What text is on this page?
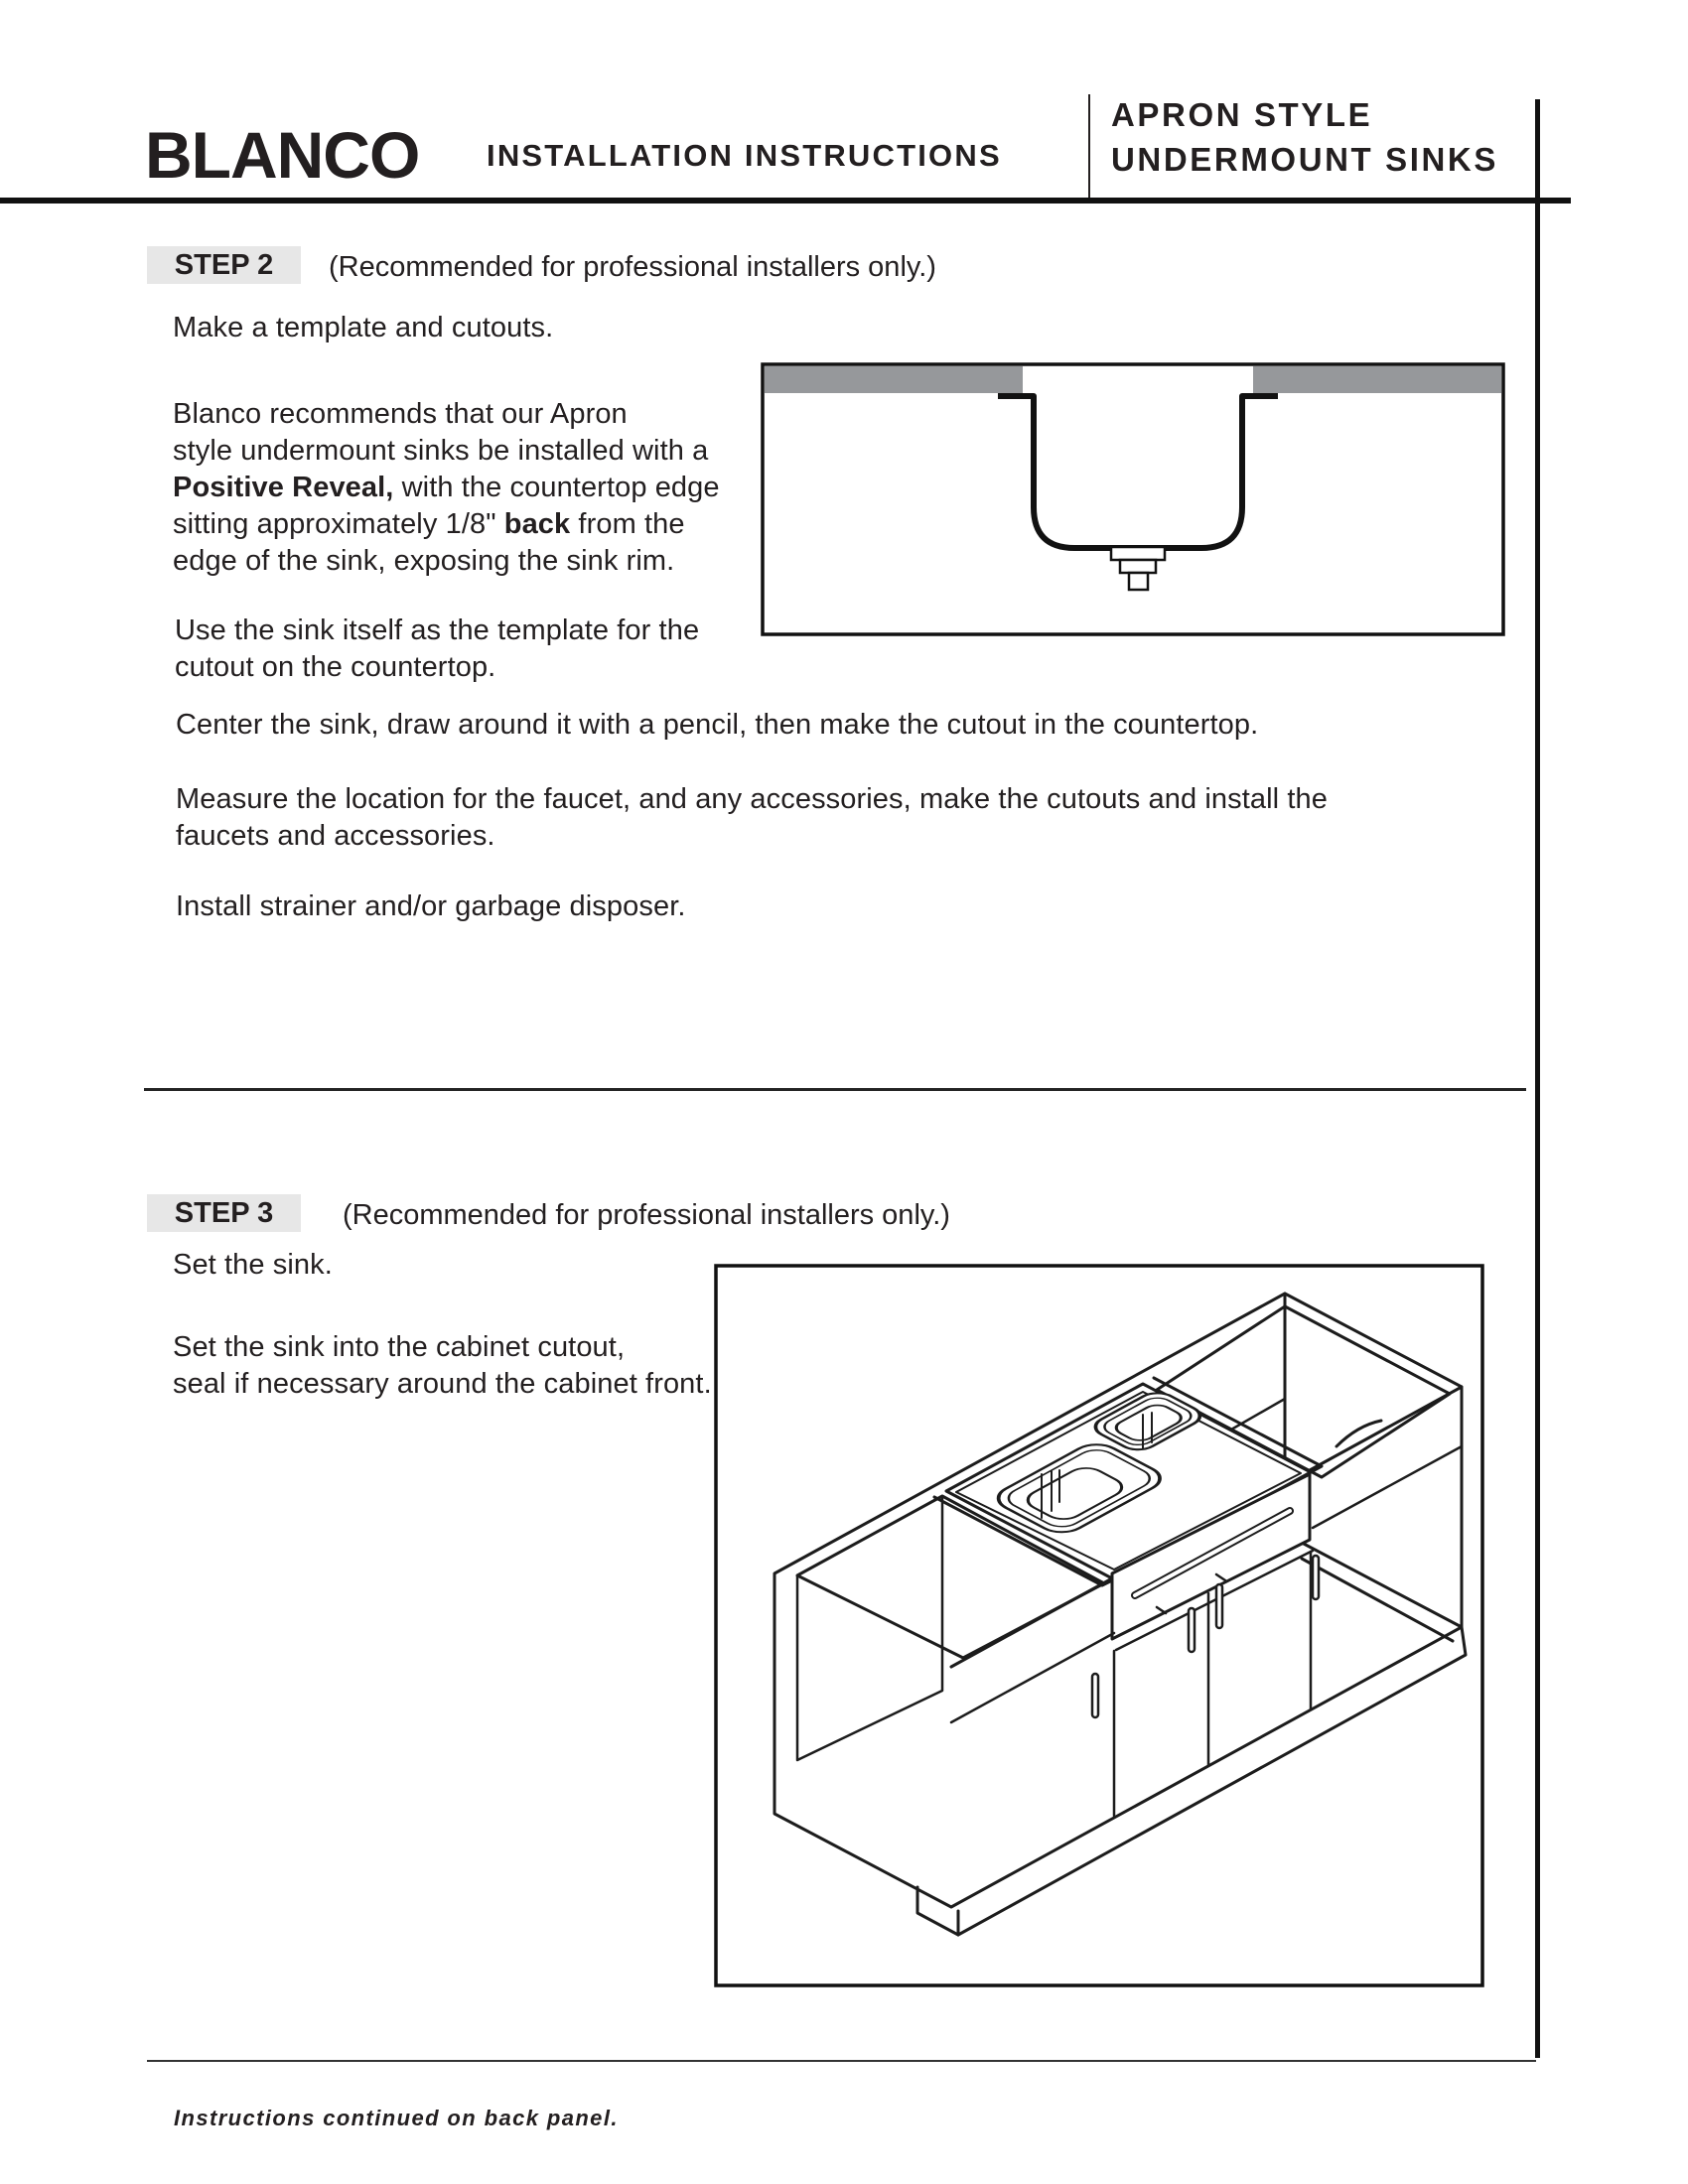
BLANCO INSTALLATION INSTRUCTIONS
APRON STYLE
UNDERMOUNT SINKS
STEP 2	(Recommended for professional installers only.)
Make a template and cutouts.
Blanco recommends that our Apron
style undermount sinks be installed with a
Positive Reveal, with the countertop edge
sitting approximately 1/8" back from the
edge of the sink, exposing the sink rim.
Use the sink itself as the template for the
cutout on the countertop.
Center the sink, draw around it with a pencil, then make the cutout in the countertop.
Measure the location for the faucet, and any accessories, make the cutouts and install the
faucets and accessories.
Install strainer and/or garbage disposer.
STEP 3	(Recommended for professional installers only.)
Set the sink.
Set the sink into the cabinet cutout,
seal if necessary around the cabinet front.
Instructions continued on back panel.
